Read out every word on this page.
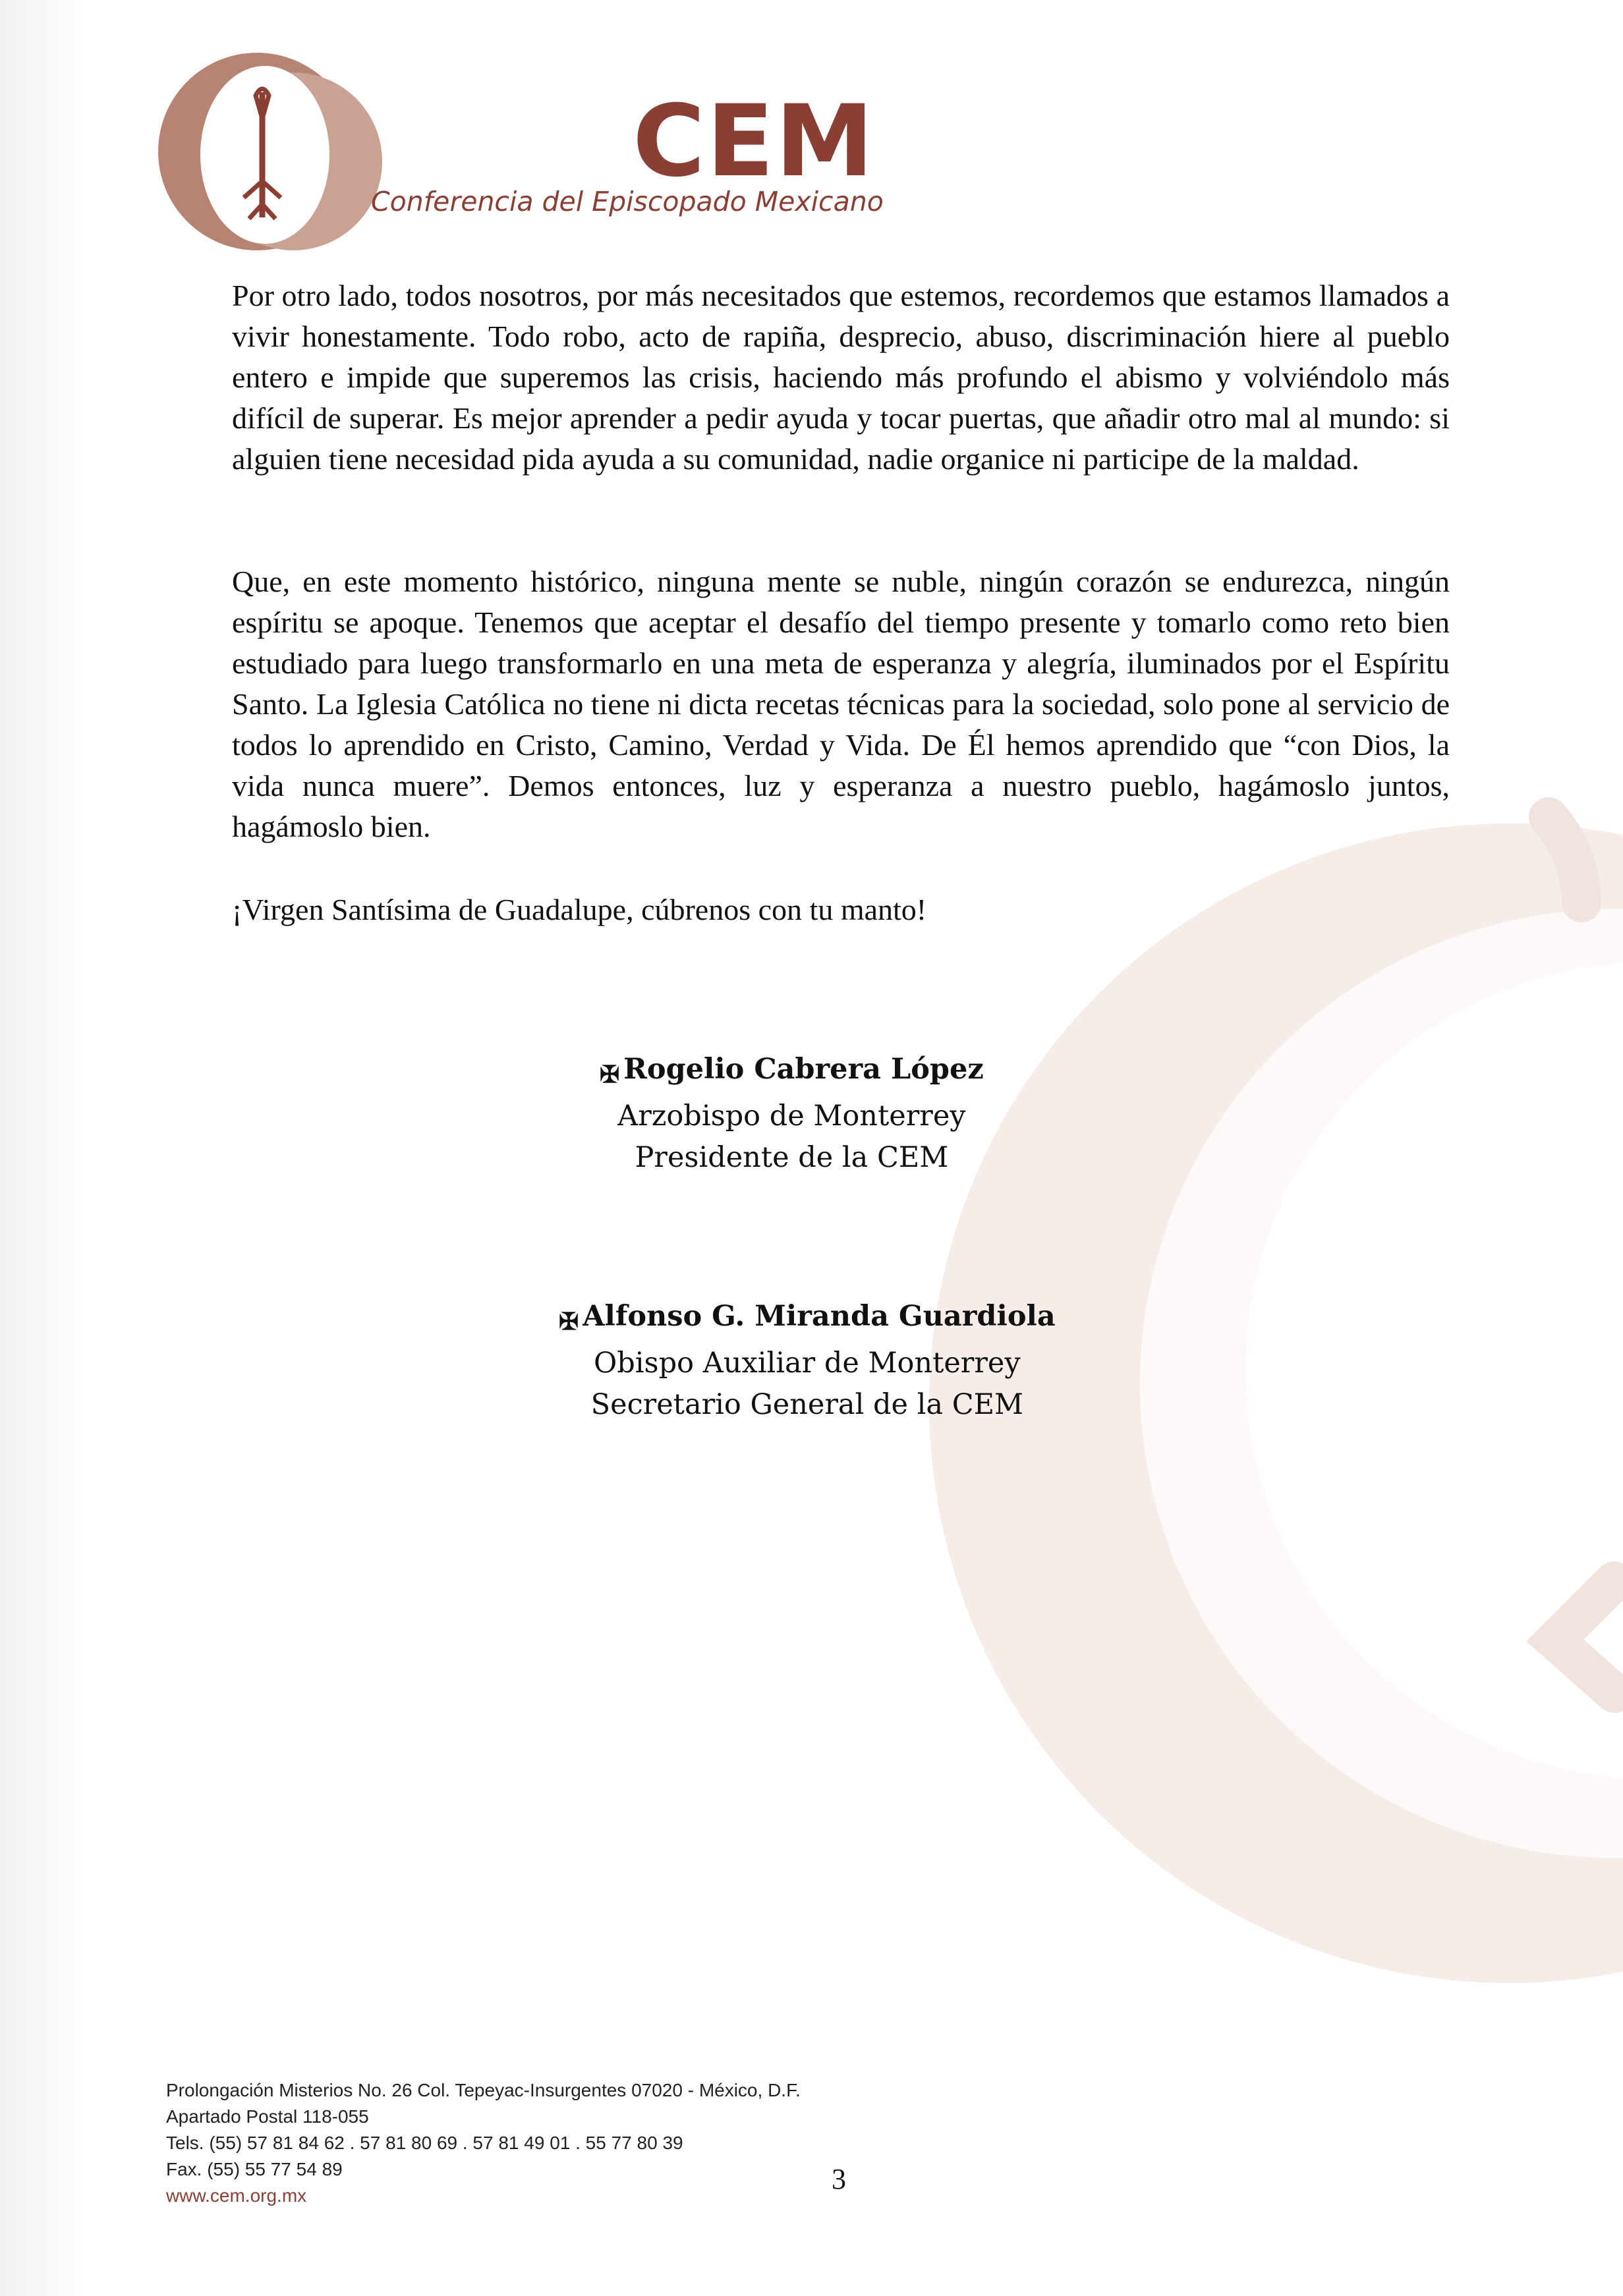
CEM
Conferencia del Episcopado Mexicano
Por otro lado, todos nosotros, por más necesitados que estemos, recordemos que estamos llamados a vivir honestamente. Todo robo, acto de rapiña, desprecio, abuso, discriminación hiere al pueblo entero e impide que superemos las crisis, haciendo más profundo el abismo y volviéndolo más difícil de superar. Es mejor aprender a pedir ayuda y tocar puertas, que añadir otro mal al mundo: si alguien tiene necesidad pida ayuda a su comunidad, nadie organice ni participe de la maldad.
Que, en este momento histórico, ninguna mente se nuble, ningún corazón se endurezca, ningún espíritu se apoque. Tenemos que aceptar el desafío del tiempo presente y tomarlo como reto bien estudiado para luego transformarlo en una meta de esperanza y alegría, iluminados por el Espíritu Santo. La Iglesia Católica no tiene ni dicta recetas técnicas para la sociedad, solo pone al servicio de todos lo aprendido en Cristo, Camino, Verdad y Vida. De Él hemos aprendido que “con Dios, la vida nunca muere”. Demos entonces, luz y esperanza a nuestro pueblo, hagámoslo juntos, hagámoslo bien.
¡Virgen Santísima de Guadalupe, cúbrenos con tu manto!
✠ Rogelio Cabrera López
Arzobispo de Monterrey
Presidente de la CEM
✠ Alfonso G. Miranda Guardiola
Obispo Auxiliar de Monterrey
Secretario General de la CEM
Prolongación Misterios No. 26 Col. Tepeyac-Insurgentes 07020 - México, D.F.
Apartado Postal 118-055
Tels. (55) 57 81 84 62 . 57 81 80 69 . 57 81 49 01 . 55 77 80 39
Fax. (55) 55 77 54 89
www.cem.org.mx
3
